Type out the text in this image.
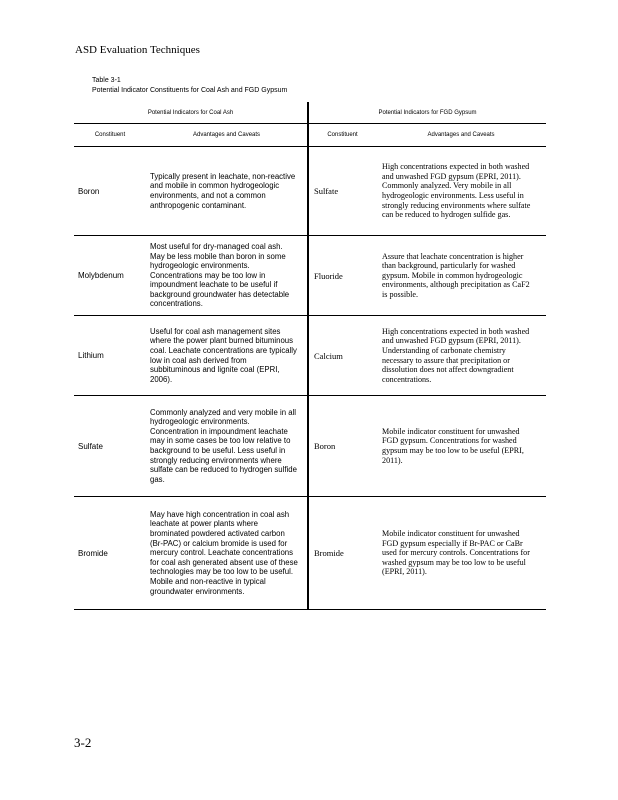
ASD Evaluation Techniques
Table 3-1
Potential Indicator Constituents for Coal Ash and FGD Gypsum
Potential Indicators for Coal Ash		Potential Indicators for FGD Gypsum	
Constituent	Advantages and Caveats	Constituent	Advantages and Caveats
Boron	Typically present in leachate, non-reactive and mobile in common hydrogeologic environments, and not a common anthropogenic contaminant.	Sulfate	High concentrations expected in both washed and unwashed FGD gypsum (EPRI, 2011). Commonly analyzed. Very mobile in all hydrogeologic environments. Less useful in strongly reducing environments where sulfate can be reduced to hydrogen sulfide gas.
Molybdenum	Most useful for dry-managed coal ash. May be less mobile than boron in some hydrogeologic environments. Concentrations may be too low in impoundment leachate to be useful if background groundwater has detectable concentrations.	Fluoride	Assure that leachate concentration is higher than background, particularly for washed gypsum. Mobile in common hydrogeologic environments, although precipitation as CaF2 is possible.
Lithium	Useful for coal ash management sites where the power plant burned bituminous coal. Leachate concentrations are typically low in coal ash derived from subbituminous and lignite coal (EPRI, 2006).	Calcium	High concentrations expected in both washed and unwashed FGD gypsum (EPRI, 2011). Understanding of carbonate chemistry necessary to assure that precipitation or dissolution does not affect downgradient concentrations.
Sulfate	Commonly analyzed and very mobile in all hydrogeologic environments. Concentration in impoundment leachate may in some cases be too low relative to background to be useful. Less useful in strongly reducing environments where sulfate can be reduced to hydrogen sulfide gas.	Boron	Mobile indicator constituent for unwashed FGD gypsum. Concentrations for washed gypsum may be too low to be useful (EPRI, 2011).
Bromide	May have high concentration in coal ash leachate at power plants where brominated powdered activated carbon (Br-PAC) or calcium bromide is used for mercury control. Leachate concentrations for coal ash generated absent use of these technologies may be too low to be useful. Mobile and non-reactive in typical groundwater environments.	Bromide	Mobile indicator constituent for unwashed FGD gypsum especially if Br-PAC or CaBr used for mercury controls. Concentrations for washed gypsum may be too low to be useful (EPRI, 2011).
3-2
